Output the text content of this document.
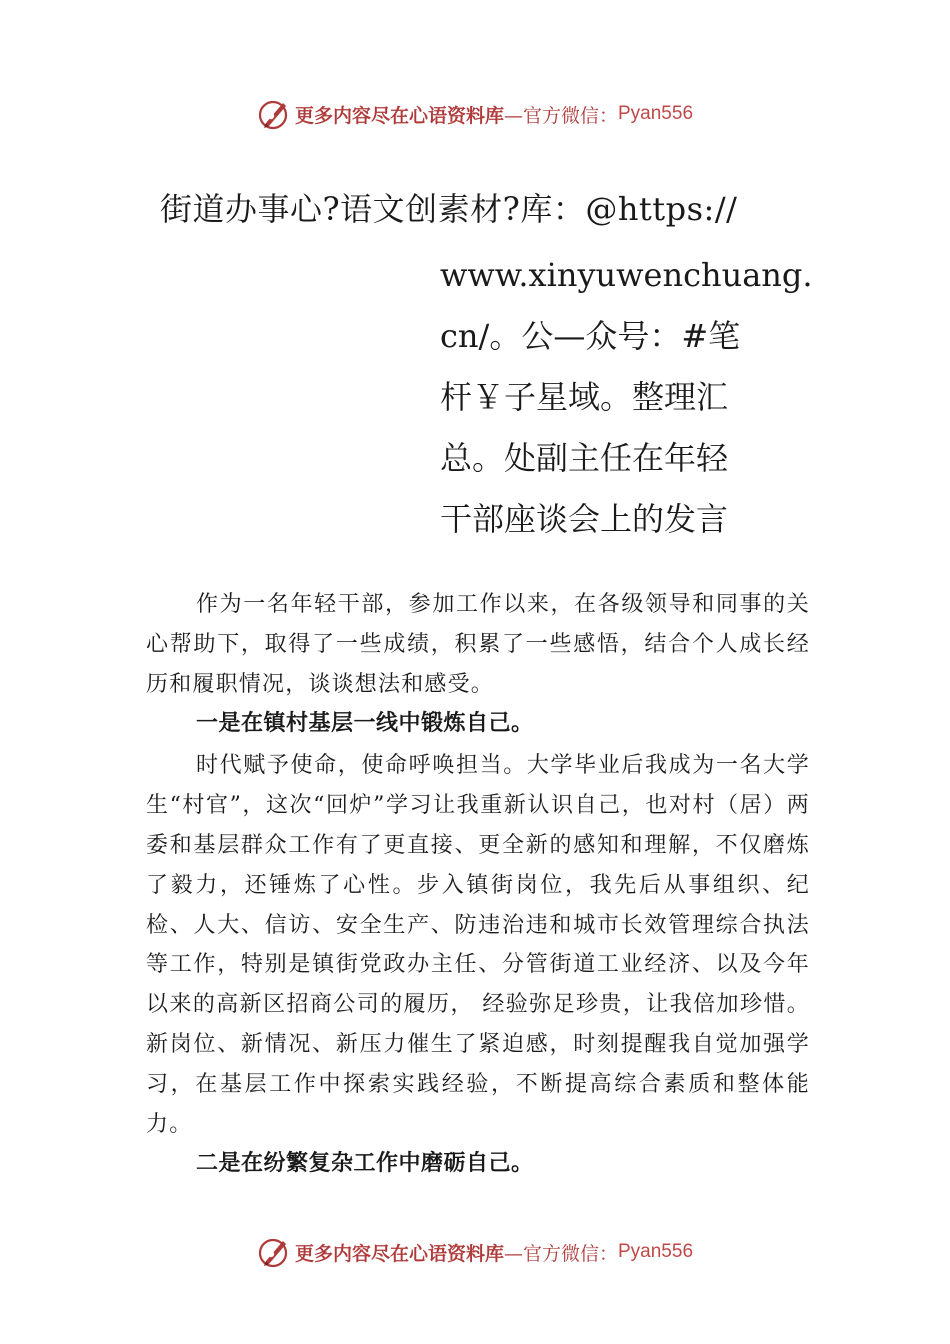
更多内容尽在心语资料库 —官方微信： Pyan556
街道办事心?语文创素材?库：@https://
www.xinyuwenchuang.
cn/。公—众号：#笔
杆￥子星域。整理汇
总。处副主任在年轻
干部座谈会上的发言

作为一名年轻干部，参加工作以来，在各级领导和同事的关心帮助下，取得了一些成绩，积累了一些感悟，结合个人成长经历和履职情况，谈谈想法和感受。

一是在镇村基层一线中锻炼自己。

时代赋予使命，使命呼唤担当。大学毕业后我成为一名大学生“村官”，这次“回炉”学习让我重新认识自己，也对村（居）两委和基层群众工作有了更直接、更全新的感知和理解，不仅磨炼了毅力，还锤炼了心性。步入镇街岗位，我先后从事组织、纪检、人大、信访、安全生产、防违治违和城市长效管理综合执法等工作，特别是镇街党政办主任、分管街道工业经济、以及今年以来的高新区招商公司的履历， 经验弥足珍贵，让我倍加珍惜。新岗位、新情况、新压力催生了紧迫感，时刻提醒我自觉加强学习，在基层工作中探索实践经验，不断提高综合素质和整体能力。

二是在纷繁复杂工作中磨砺自己。

更多内容尽在心语资料库 —官方微信： Pyan556
